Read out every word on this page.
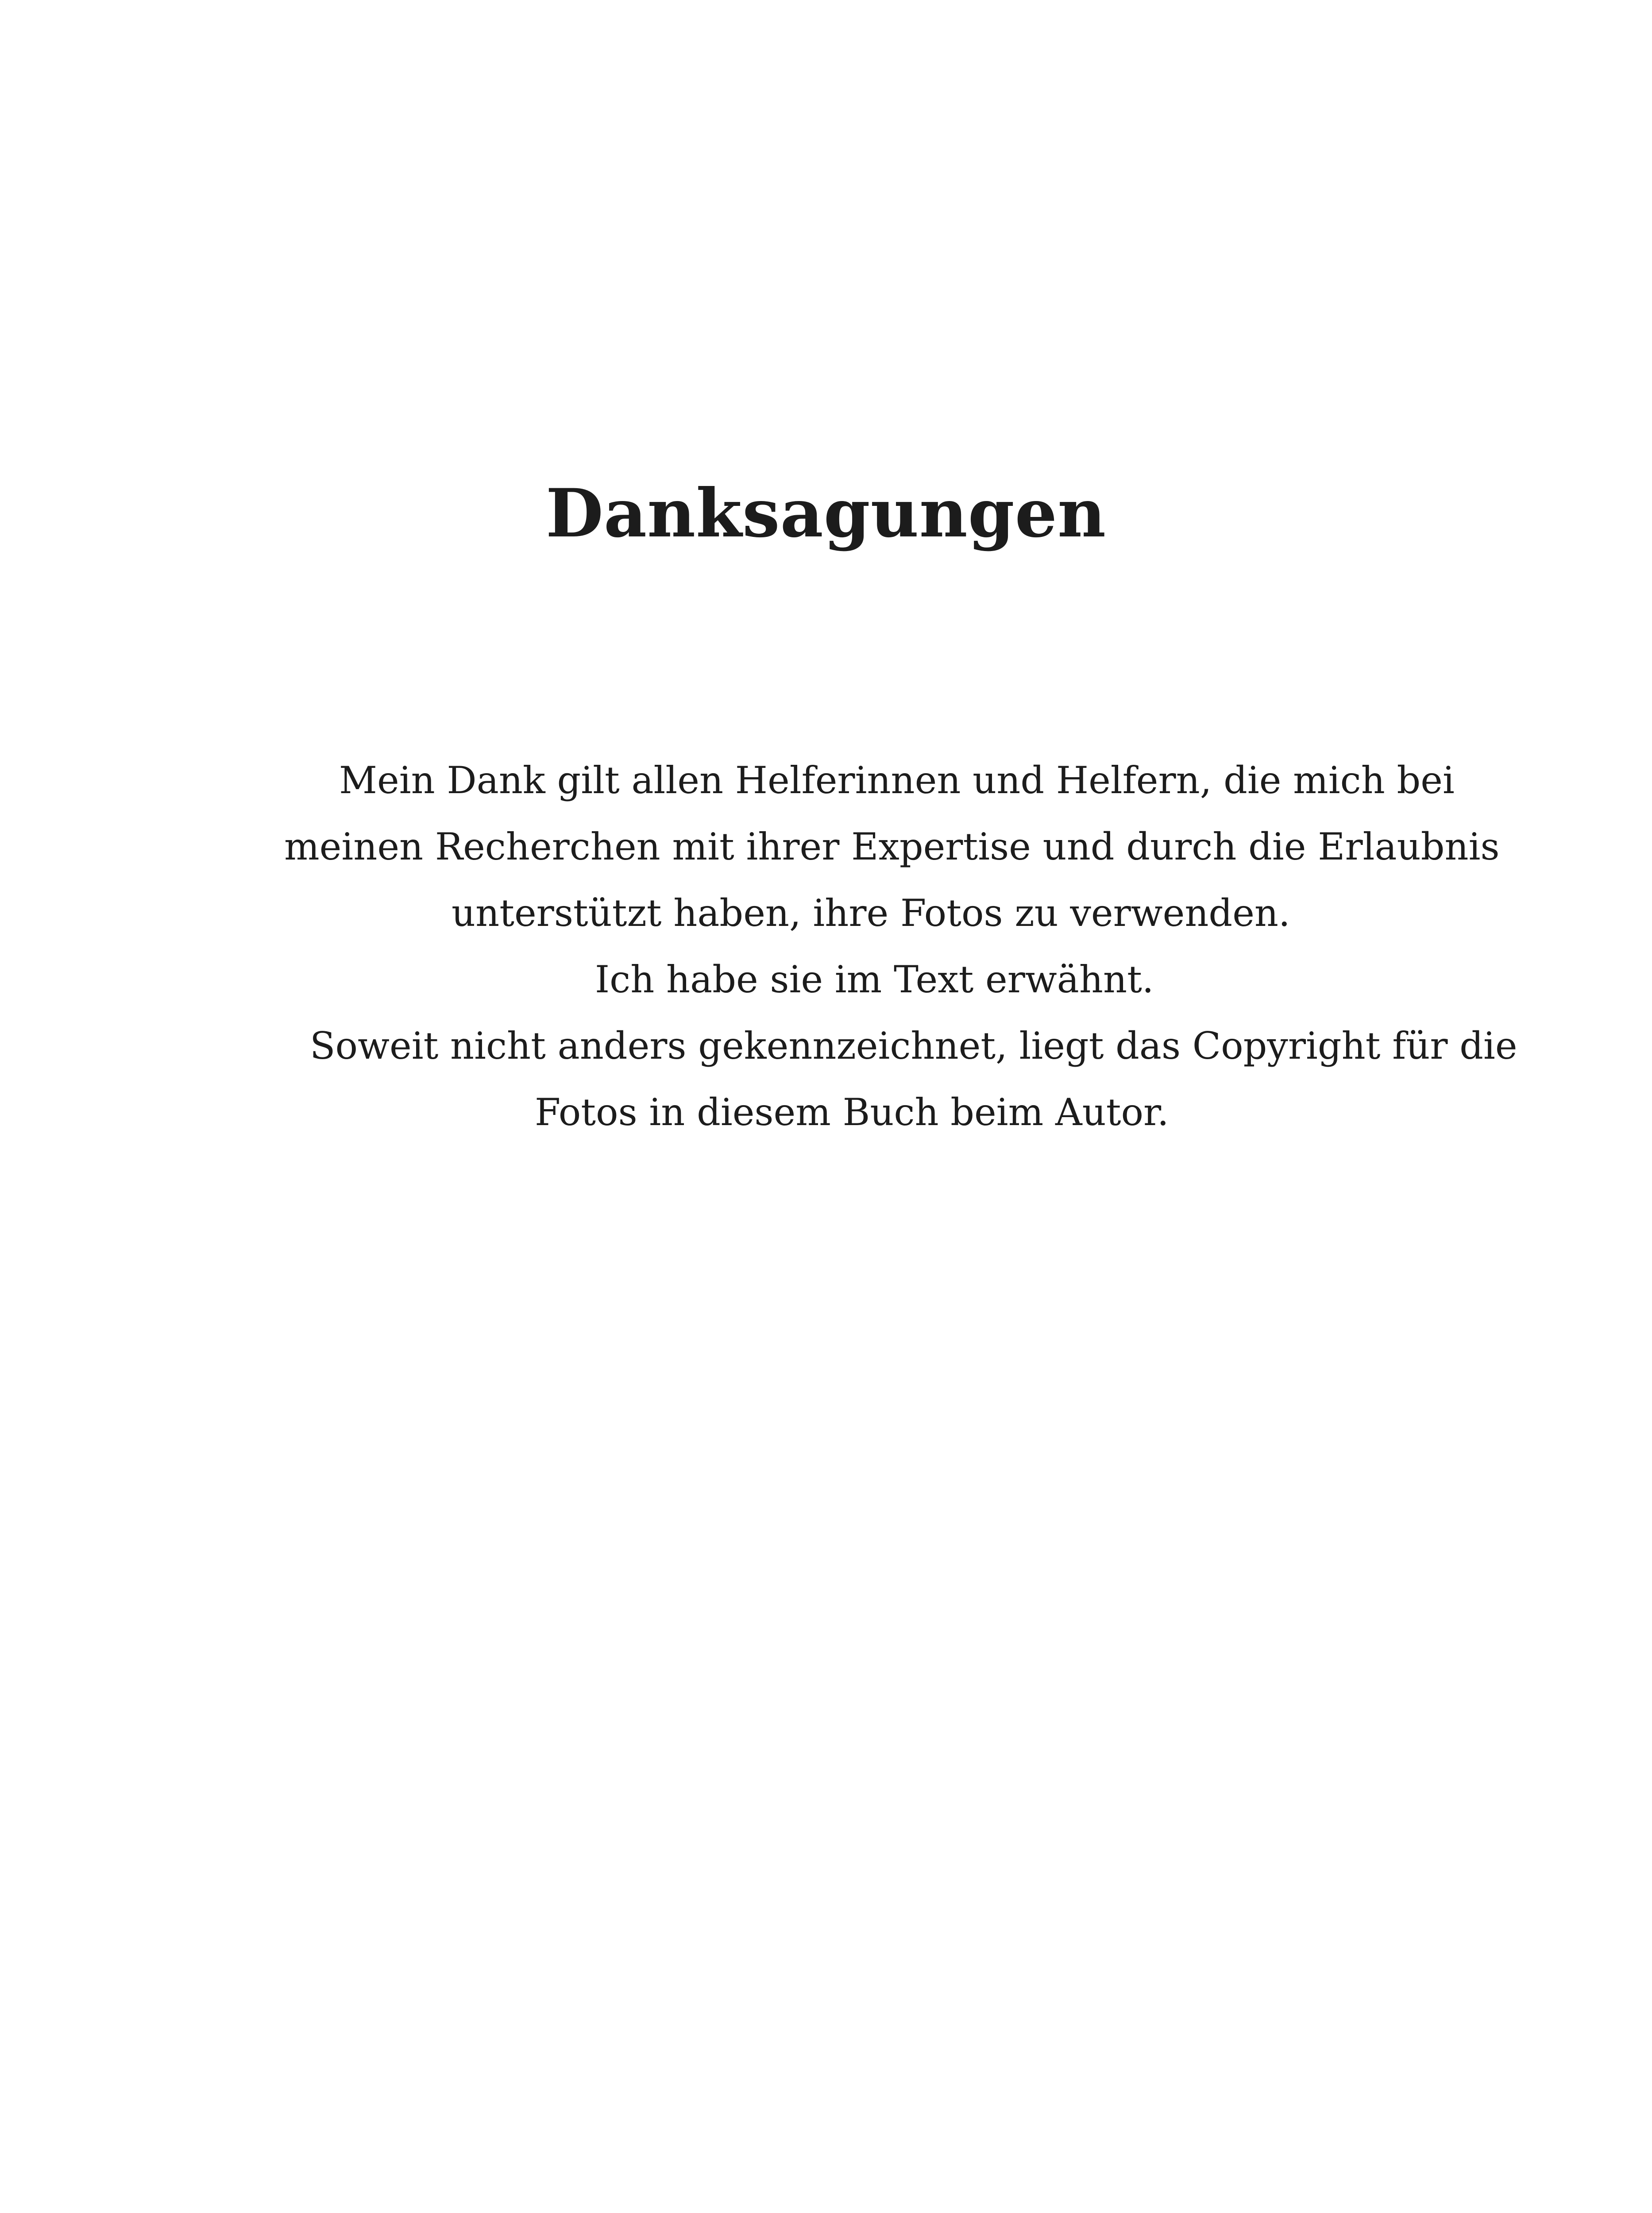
Danksagungen
Mein Dank gilt allen Helferinnen und Helfern, die mich bei
meinen Recherchen mit ihrer Expertise und durch die Erlaubnis
unterstützt haben, ihre Fotos zu verwenden.
Ich habe sie im Text erwähnt.
Soweit nicht anders gekennzeichnet, liegt das Copyright für die
Fotos in diesem Buch beim Autor.
